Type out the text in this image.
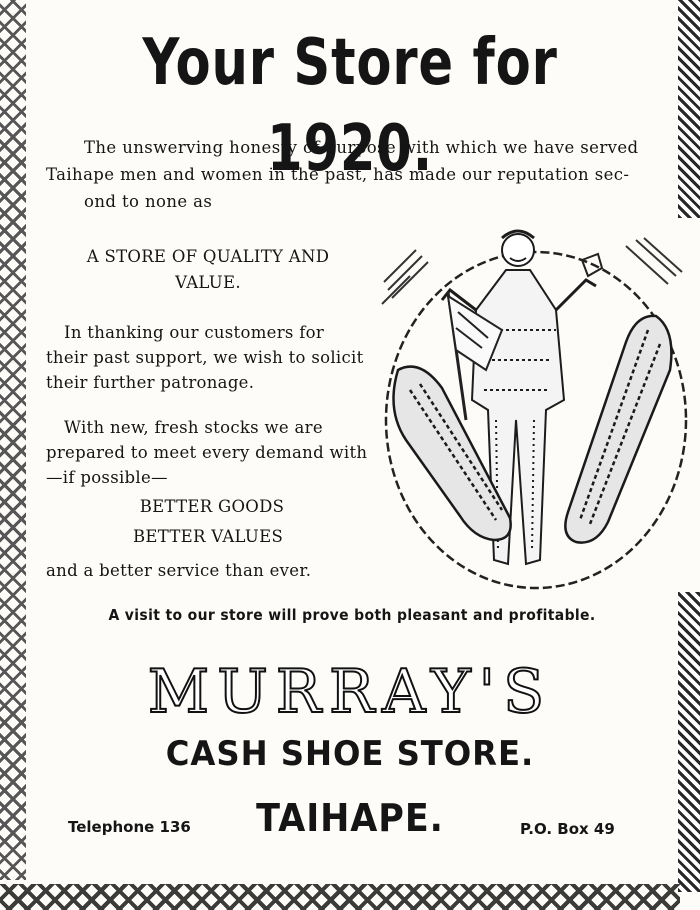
Your Store for 1920.

The unswerving honesty of purpose with which we have served
Taihape men and women in the past, has made our reputation sec-
ond to none as

A STORE OF QUALITY AND
VALUE.

In thanking our customers for
their past support, we wish to solicit
their further patronage.

With new, fresh stocks we are
prepared to meet every demand with
—if possible—

BETTER GOODS

BETTER VALUES

and a better service than ever.

A visit to our store will prove both pleasant and profitable.

MURRAY'S
CASH SHOE STORE.

Telephone 136	TAIHAPE.	P.O. Box 49
